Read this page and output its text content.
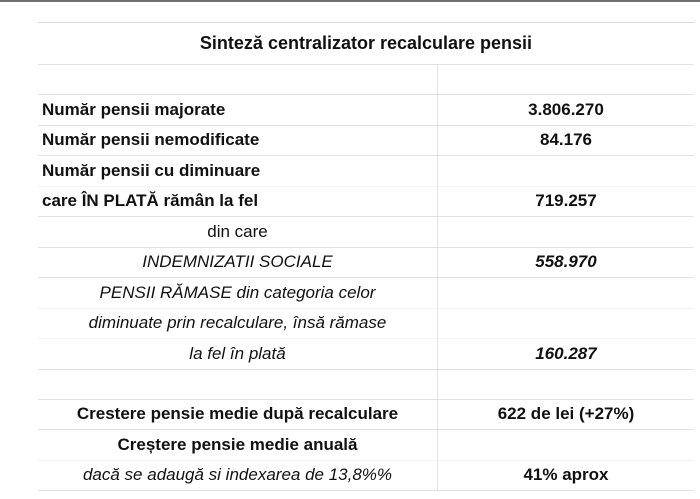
Sinteză centralizator recalculare pensii
Număr pensii majorate	3.806.270
Număr pensii nemodificate	84.176
Număr pensii cu diminuare
care ÎN PLATĂ rămân la fel	719.257
din care
INDEMNIZATII SOCIALE	558.970
PENSII RĂMASE din categoria celor
diminuate prin recalculare, însă rămase
la fel în plată	160.287
Crestere pensie medie după recalculare	622 de lei (+27%)
Creștere pensie medie anuală
dacă se adaugă si indexarea de 13,8%%	41% aprox
